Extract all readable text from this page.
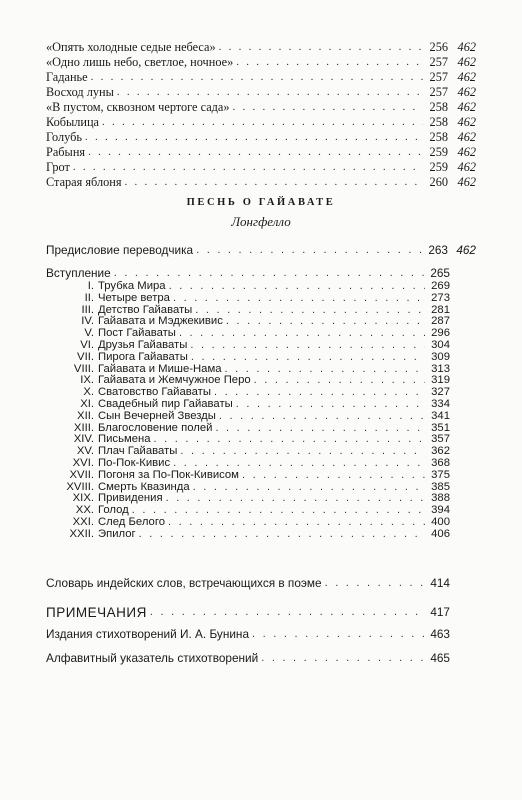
«Опять холодные седые небеса» . . .	256 462
«Одно лишь небо, светлое, ночное» . . .	257 462
Гаданье . . .	257 462
Восход луны . . .	257 462
«В пустом, сквозном чертоге сада» . . .	258 462
Кобылица . . .	258 462
Голубь . . .	258 462
Рабыня . . .	259 462
Грот . . .	259 462
Старая яблоня . . .	260 462
ПЕСНЬ О ГАЙАВАТЕ
Лонгфелло
Предисловие переводчика . . .	263 462
Вступление . . .	265
I. Трубка Мира . . .	269
II. Четыре ветра . . .	273
III. Детство Гайаваты . . .	281
IV. Гайавата и Мэджекивис . . .	287
V. Пост Гайаваты . . .	296
VI. Друзья Гайаваты . . .	304
VII. Пирога Гайаваты . . .	309
VIII. Гайавата и Мише-Нама . . .	313
IX. Гайавата и Жемчужное Перо . . .	319
X. Сватовство Гайаваты . . .	327
XI. Свадебный пир Гайаваты . . .	334
XII. Сын Вечерней Звезды . . .	341
XIII. Благословение полей . . .	351
XIV. Письмена . . .	357
XV. Плач Гайаваты . . .	362
XVI. По-Пок-Кивис . . .	368
XVII. Погоня за По-Пок-Кивисом . . .	375
XVIII. Смерть Квазинда . . .	385
XIX. Привидения . . .	388
XX. Голод . . .	394
XXI. След Белого . . .	400
XXII. Эпилог . . .	406
Словарь индейских слов, встречающихся в поэме . . .	414
ПРИМЕЧАНИЯ . . .	417
Издания стихотворений И. А. Бунина . . .	463
Алфавитный указатель стихотворений . . .	465
